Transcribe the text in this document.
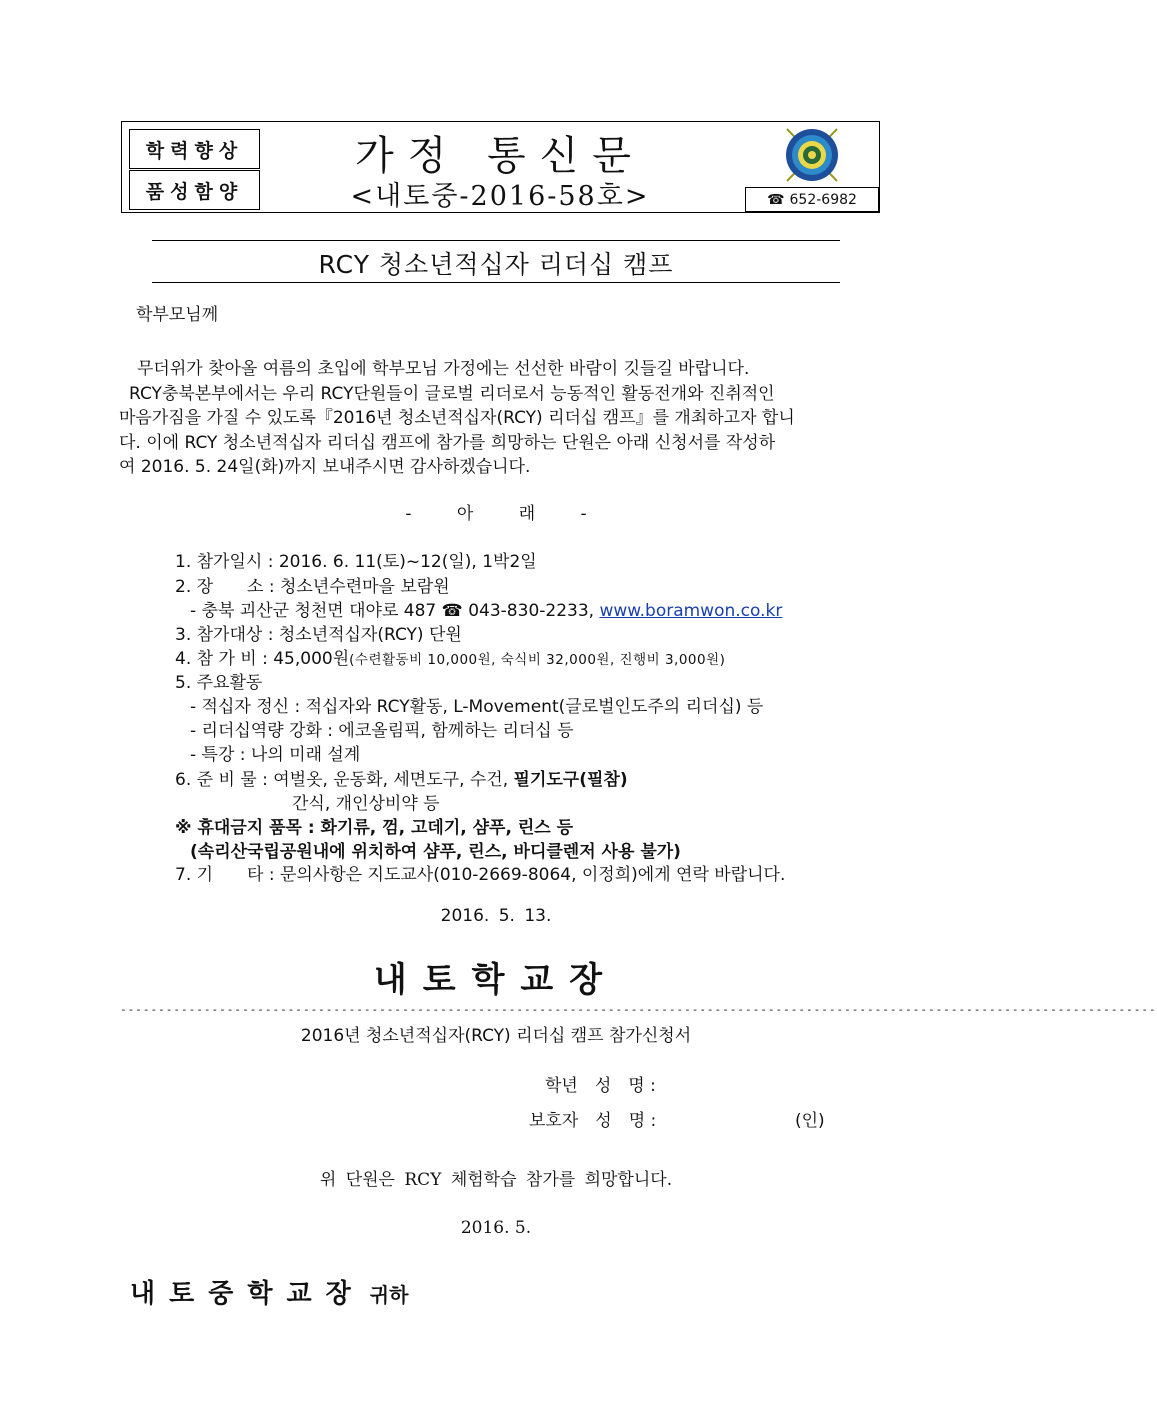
학력향상
품성함양
가정 통신문
<내토중-2016-58호>	☎ 652-6982
RCY 청소년적십자 리더십 캠프
학부모님께
무더위가 찾아올 여름의 초입에 학부모님 가정에는 선선한 바람이 깃들길 바랍니다.
RCY충북본부에서는 우리 RCY단원들이 글로벌 리더로서 능동적인 활동전개와 진취적인
마음가짐을 가질 수 있도록『2016년 청소년적십자(RCY) 리더십 캠프』를 개최하고자 합니
다. 이에 RCY 청소년적십자 리더십 캠프에 참가를 희망하는 단원은 아래 신청서를 작성하
여 2016. 5. 24일(화)까지 보내주시면 감사하겠습니다.
- 아 래 -
1. 참가일시 : 2016. 6. 11(토)~12(일), 1박2일
2. 장　　소 : 청소년수련마을 보람원
- 충북 괴산군 청천면 대야로 487 ☎ 043-830-2233, www.boramwon.co.kr
3. 참가대상 : 청소년적십자(RCY) 단원
4. 참 가 비 : 45,000원(수련활동비 10,000원, 숙식비 32,000원, 진행비 3,000원)
5. 주요활동
- 적십자 정신 : 적십자와 RCY활동, L-Movement(글로벌인도주의 리더십) 등
- 리더십역량 강화 : 에코올림픽, 함께하는 리더십 등
- 특강 : 나의 미래 설계
6. 준 비 물 : 여벌옷, 운동화, 세면도구, 수건, 필기도구(필참)
간식, 개인상비약 등
※ 휴대금지 품목 : 화기류, 껌, 고데기, 샴푸, 린스 등
(속리산국립공원내에 위치하여 샴푸, 린스, 바디클렌저 사용 불가)
7. 기　　타 : 문의사항은 지도교사(010-2669-8064, 이정희)에게 연락 바랍니다.
2016. 5. 13.
내토학교장
----------------------------------------------------------------------------------------------------------------------------------------
2016년 청소년적십자(RCY) 리더십 캠프 참가신청서
학년　성　명 :
보호자　성　명 :	(인)
위 단원은 RCY 체험학습 참가를 희망합니다.
2016. 5.
내토중학교장 귀하
